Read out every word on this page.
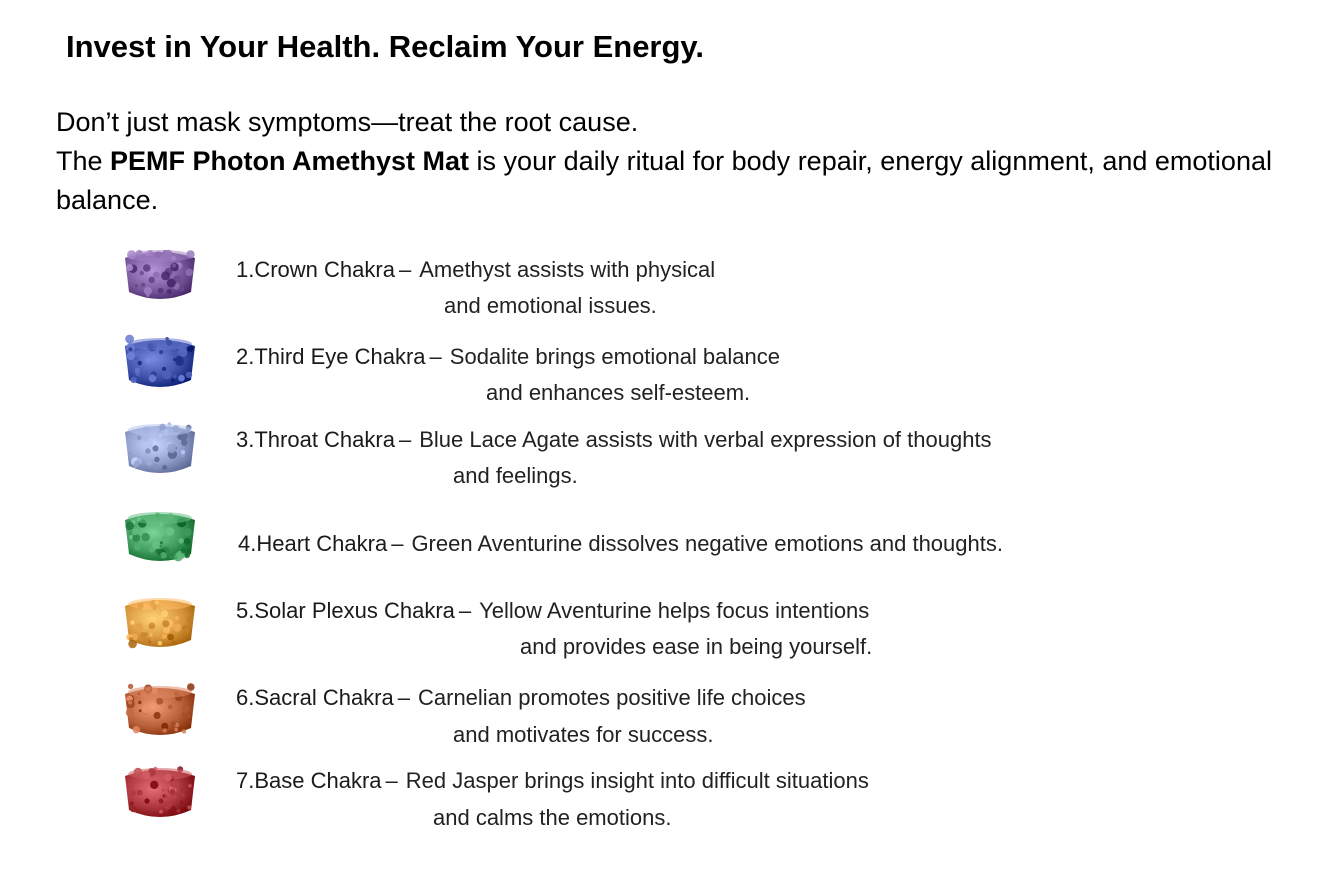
Invest in Your Health. Reclaim Your Energy.

Don’t just mask symptoms—treat the root cause.
The PEMF Photon Amethyst Mat is your daily ritual for body repair, energy alignment, and emotional balance.

1.Crown Chakra – Amethyst assists with physical
and emotional issues.
2.Third Eye Chakra – Sodalite brings emotional balance
and enhances self-esteem.
3.Throat Chakra – Blue Lace Agate assists with verbal expression of thoughts
and feelings.
4.Heart Chakra – Green Aventurine dissolves negative emotions and thoughts.
5.Solar Plexus Chakra – Yellow Aventurine helps focus intentions
and provides ease in being yourself.
6.Sacral Chakra – Carnelian promotes positive life choices
and motivates for success.
7.Base Chakra – Red Jasper brings insight into difficult situations
and calms the emotions.
